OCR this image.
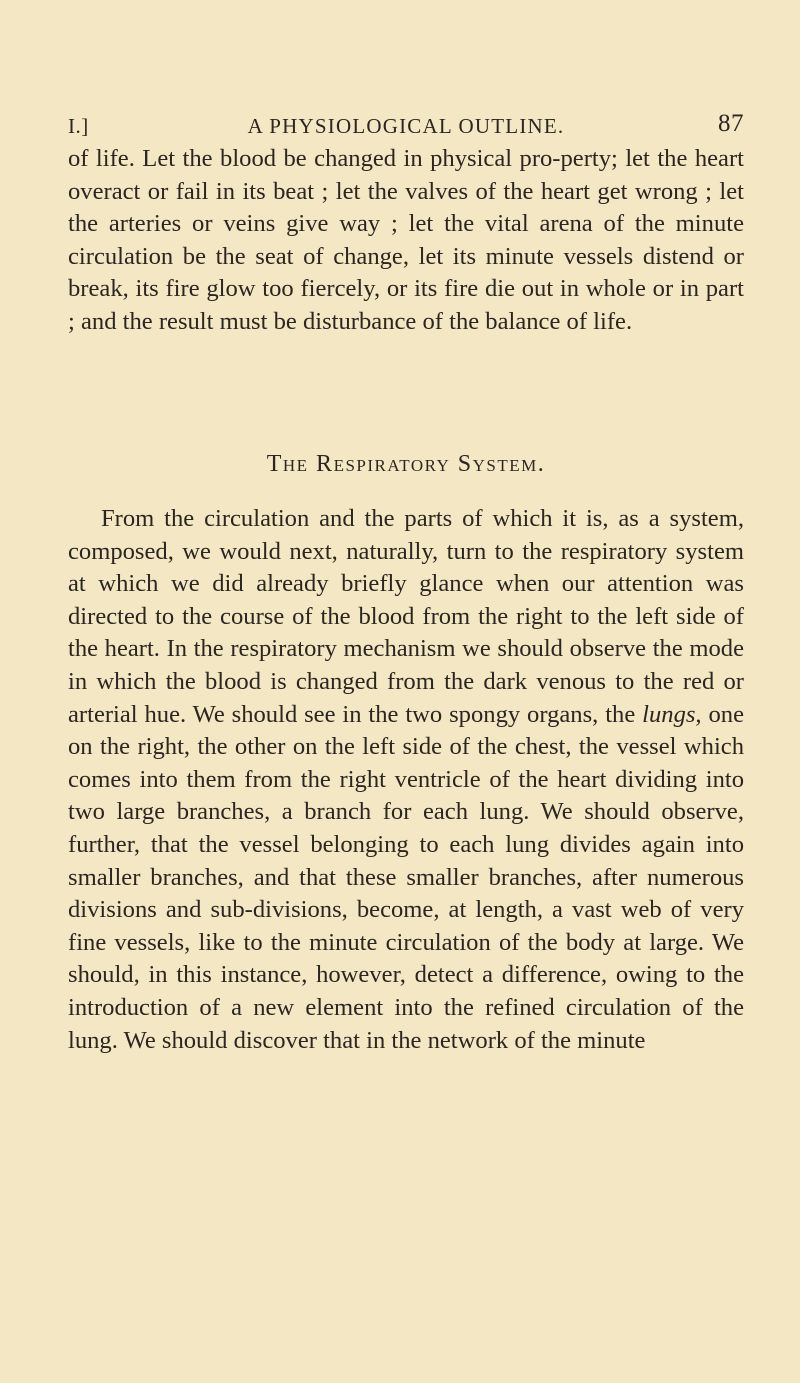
I.]	A PHYSIOLOGICAL OUTLINE.	87

of life. Let the blood be changed in physical pro-perty; let the heart overact or fail in its beat ; let the valves of the heart get wrong ; let the arteries or veins give way ; let the vital arena of the minute circulation be the seat of change, let its minute vessels distend or break, its fire glow too fiercely, or its fire die out in whole or in part ; and the result must be disturbance of the balance of life.

The Respiratory System.

From the circulation and the parts of which it is, as a system, composed, we would next, naturally, turn to the respiratory system at which we did already briefly glance when our attention was directed to the course of the blood from the right to the left side of the heart. In the respiratory mechanism we should observe the mode in which the blood is changed from the dark venous to the red or arterial hue. We should see in the two spongy organs, the lungs, one on the right, the other on the left side of the chest, the vessel which comes into them from the right ventricle of the heart dividing into two large branches, a branch for each lung. We should observe, further, that the vessel belonging to each lung divides again into smaller branches, and that these smaller branches, after numerous divisions and sub-divisions, become, at length, a vast web of very fine vessels, like to the minute circulation of the body at large. We should, in this instance, however, detect a difference, owing to the introduction of a new element into the refined circulation of the lung. We should discover that in the network of the minute
